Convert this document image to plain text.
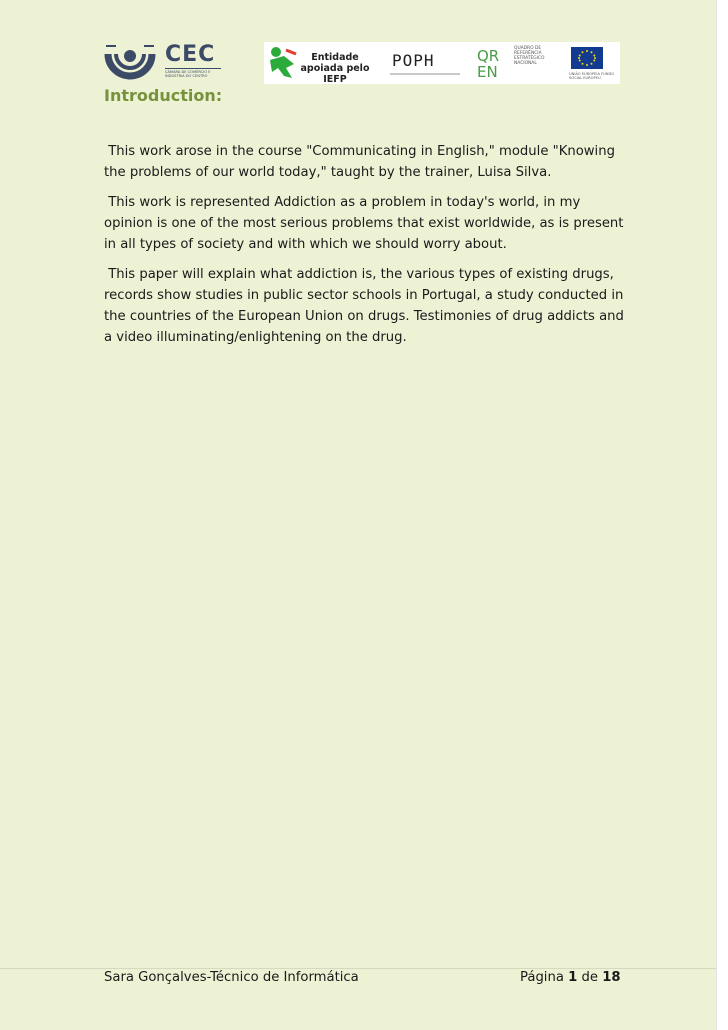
CEC
CÂMARA DE COMÉRCIO E INDÚSTRIA DO CENTRO
Entidade apoiada pelo IEFP
POPH	QR
EN
QUADRO DE REFERÊNCIA ESTRATÉGICO NACIONAL
UNIÃO EUROPEIA FUNDO SOCIAL EUROPEU
Introduction:

This work arose in the course "Communicating in English," module "Knowing the problems of our world today," taught by the trainer, Luisa Silva.

This work is represented Addiction as a problem in today's world, in my opinion is one of the most serious problems that exist worldwide, as is present in all types of society and with which we should worry about.

This paper will explain what addiction is, the various types of existing drugs, records show studies in public sector schools in Portugal, a study conducted in the countries of the European Union on drugs. Testimonies of drug addicts and a video illuminating/enlightening on the drug.

Sara Gonçalves-Técnico de Informática	Página 1 de 18
